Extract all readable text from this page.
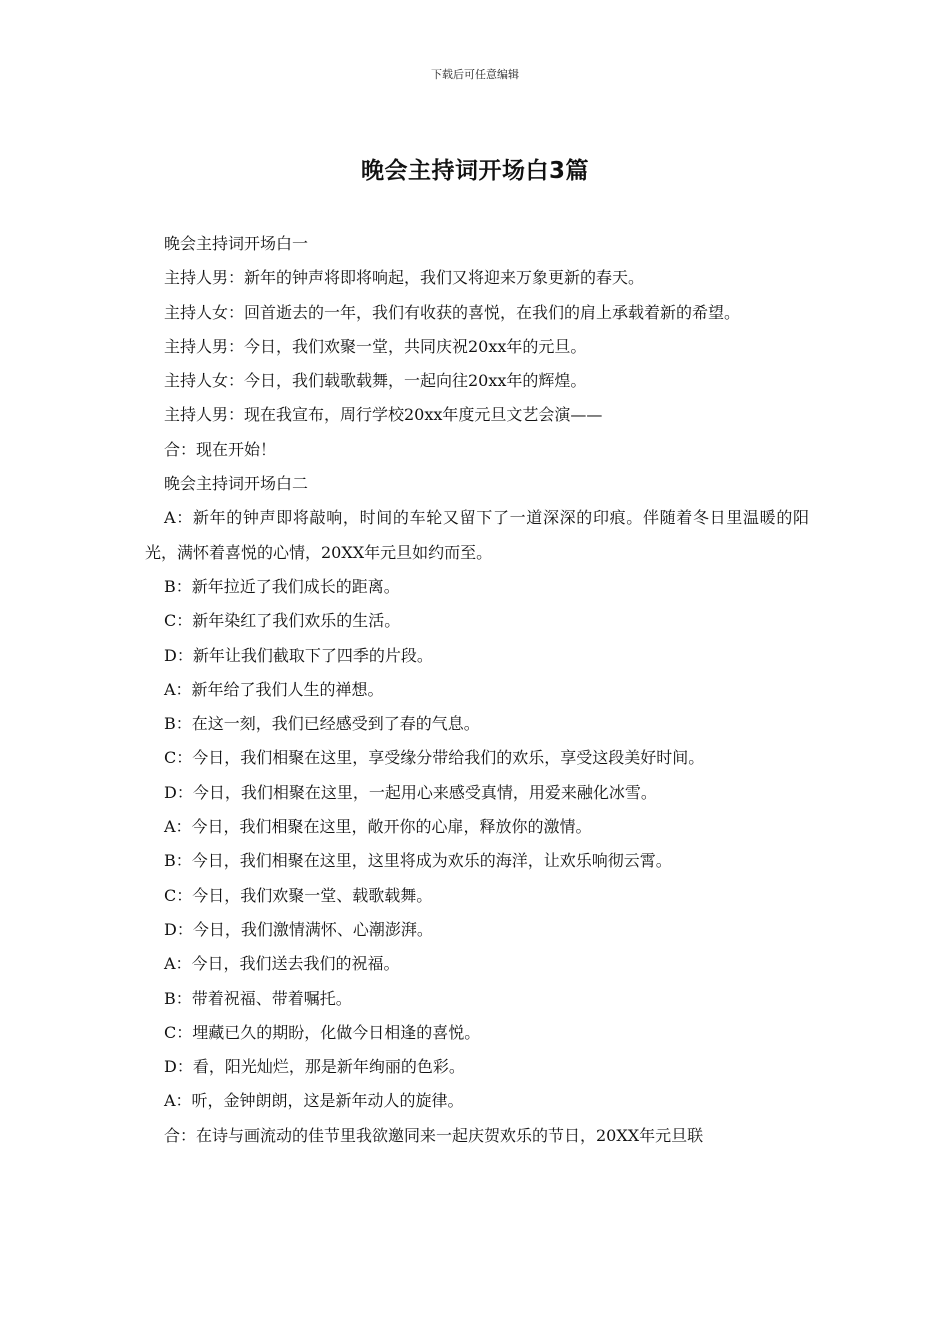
下载后可任意编辑
晚会主持词开场白3篇

晚会主持词开场白一

主持人男：新年的钟声将即将响起，我们又将迎来万象更新的春天。

主持人女：回首逝去的一年，我们有收获的喜悦，在我们的肩上承载着新的希望。

主持人男：今日，我们欢聚一堂，共同庆祝20xx年的元旦。

主持人女：今日，我们载歌载舞，一起向往20xx年的辉煌。

主持人男：现在我宣布，周行学校20xx年度元旦文艺会演——

合：现在开始！

晚会主持词开场白二

A：新年的钟声即将敲响，时间的车轮又留下了一道深深的印痕。伴随着冬日里温暖的阳光，满怀着喜悦的心情，20XX年元旦如约而至。

B：新年拉近了我们成长的距离。

C：新年染红了我们欢乐的生活。

D：新年让我们截取下了四季的片段。

A：新年给了我们人生的禅想。

B：在这一刻，我们已经感受到了春的气息。

C：今日，我们相聚在这里，享受缘分带给我们的欢乐，享受这段美好时间。

D：今日，我们相聚在这里，一起用心来感受真情，用爱来融化冰雪。

A：今日，我们相聚在这里，敞开你的心扉，释放你的激情。

B：今日，我们相聚在这里，这里将成为欢乐的海洋，让欢乐响彻云霄。

C：今日，我们欢聚一堂、载歌载舞。

D：今日，我们激情满怀、心潮澎湃。

A：今日，我们送去我们的祝福。

B：带着祝福、带着嘱托。

C：埋藏已久的期盼，化做今日相逢的喜悦。

D：看，阳光灿烂，那是新年绚丽的色彩。

A：听，金钟朗朗，这是新年动人的旋律。

合：在诗与画流动的佳节里我欲邀同来一起庆贺欢乐的节日，20XX年元旦联
